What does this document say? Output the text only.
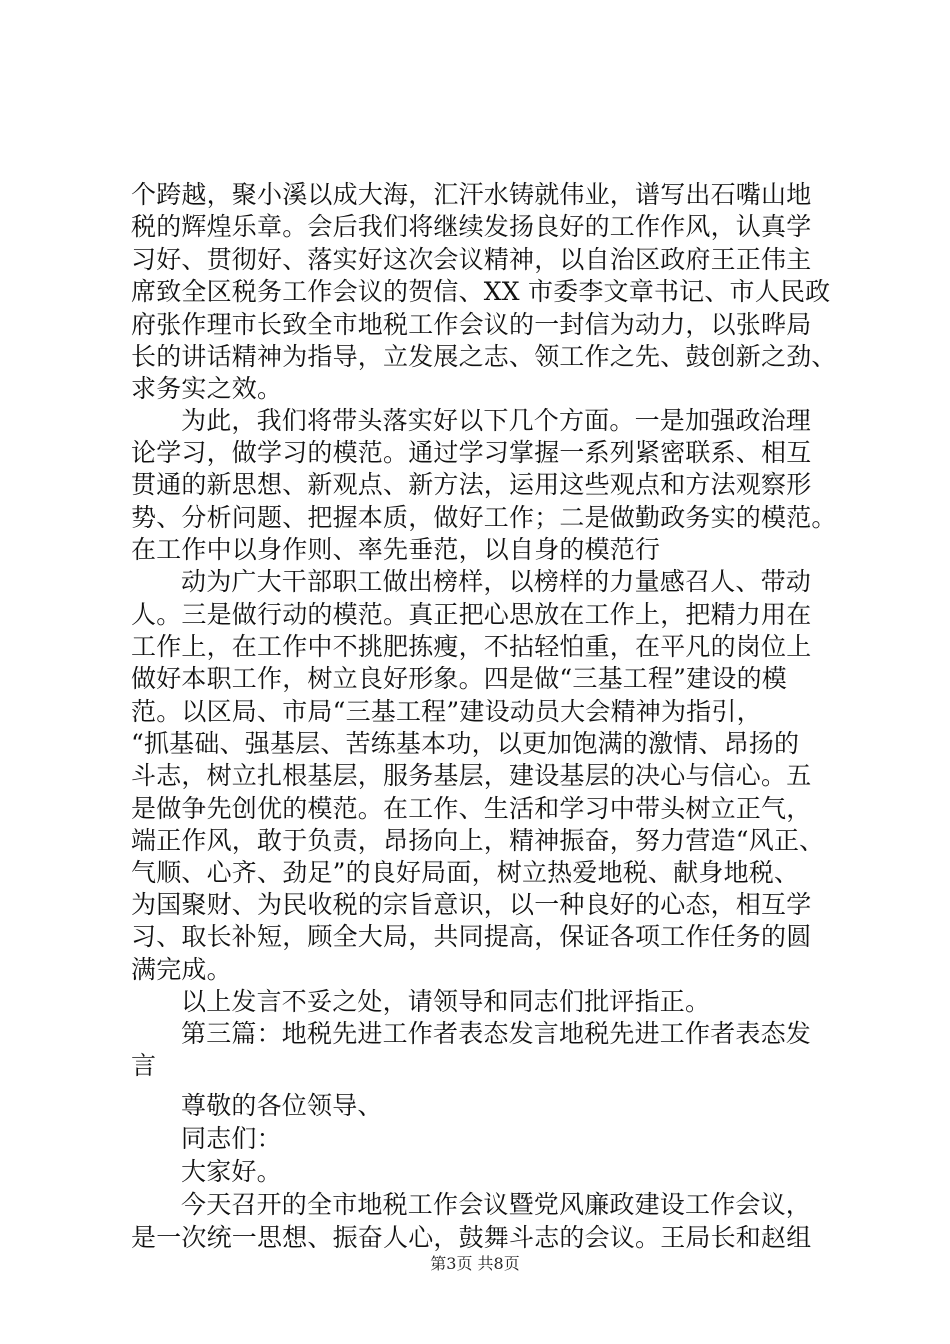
个跨越，聚小溪以成大海，汇汗水铸就伟业，谱写出石嘴山地
税的辉煌乐章。会后我们将继续发扬良好的工作作风，认真学
习好、贯彻好、落实好这次会议精神，以自治区政府王正伟主
席致全区税务工作会议的贺信、XX 市委李文章书记、市人民政
府张作理市长致全市地税工作会议的一封信为动力，以张晔局
长的讲话精神为指导，立发展之志、领工作之先、鼓创新之劲、
求务实之效。
为此，我们将带头落实好以下几个方面。一是加强政治理
论学习，做学习的模范。通过学习掌握一系列紧密联系、相互
贯通的新思想、新观点、新方法，运用这些观点和方法观察形
势、分析问题、把握本质，做好工作；二是做勤政务实的模范。
在工作中以身作则、率先垂范，以自身的模范行
动为广大干部职工做出榜样，以榜样的力量感召人、带动
人。三是做行动的模范。真正把心思放在工作上，把精力用在
工作上，在工作中不挑肥拣瘦，不拈轻怕重，在平凡的岗位上
做好本职工作，树立良好形象。四是做“三基工程”建设的模
范。以区局、市局“三基工程”建设动员大会精神为指引，
“抓基础、强基层、苦练基本功，以更加饱满的激情、昂扬的
斗志，树立扎根基层，服务基层，建设基层的决心与信心。五
是做争先创优的模范。在工作、生活和学习中带头树立正气，
端正作风，敢于负责，昂扬向上，精神振奋，努力营造“风正、
气顺、心齐、劲足”的良好局面，树立热爱地税、献身地税、
为国聚财、为民收税的宗旨意识，以一种良好的心态，相互学
习、取长补短，顾全大局，共同提高，保证各项工作任务的圆
满完成。
以上发言不妥之处，请领导和同志们批评指正。
第三篇：地税先进工作者表态发言地税先进工作者表态发
言
尊敬的各位领导、
同志们：
大家好。
今天召开的全市地税工作会议暨党风廉政建设工作会议，
是一次统一思想、振奋人心，鼓舞斗志的会议。王局长和赵组
第3页 共8页
